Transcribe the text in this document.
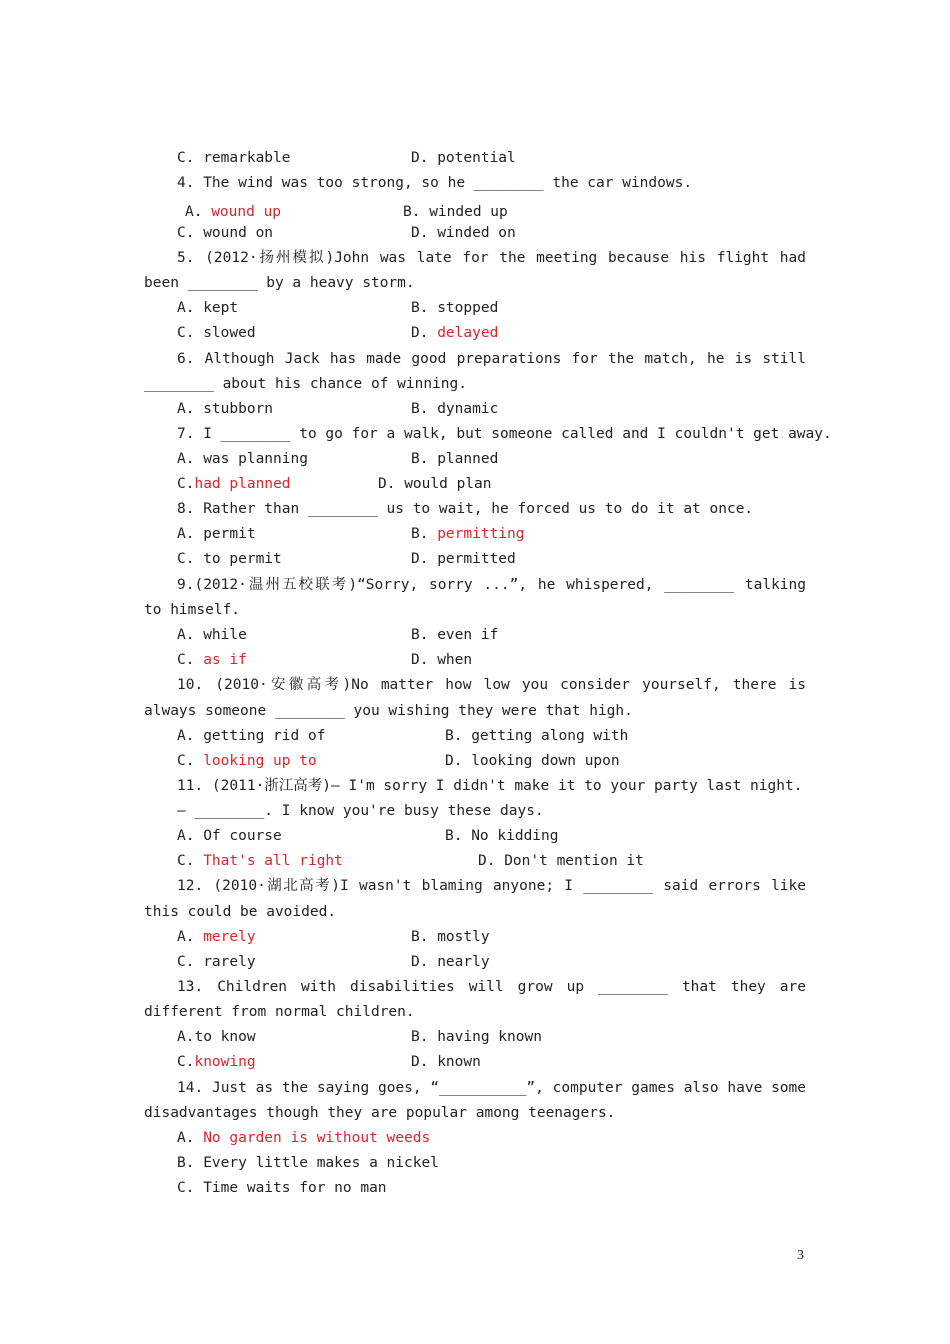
C. remarkable	D. potential
4. The wind was too strong, so he ________ the car windows.
A. wound up	B. winded up
C. wound on	D. winded on
5. (2012·扬州模拟)John was late for the meeting because his flight had
been ________ by a heavy storm.
A. kept	B. stopped
C. slowed	D. delayed
6. Although Jack has made good preparations for the match, he is still
________ about his chance of winning.
A. stubborn	B. dynamic
7. I ________ to go for a walk, but someone called and I couldn't get away.
A. was planning	B. planned
C.had planned	D. would plan
8. Rather than ________ us to wait, he forced us to do it at once.
A. permit	B. permitting
C. to permit	D. permitted
9.(2012·温州五校联考)“Sorry, sorry ...”, he whispered, ________ talking
to himself.
A. while	B. even if
C. as if	D. when
10. (2010·安徽高考)No matter how low you consider yourself, there is
always someone ________ you wishing they were that high.
A. getting rid of	B. getting along with
C. looking up to	D. looking down upon
11. (2011·浙江高考)— I'm sorry I didn't make it to your party last night.
— ________. I know you're busy these days.
A. Of course	B. No kidding
C. That's all right	D. Don't mention it
12. (2010·湖北高考)I wasn't blaming anyone; I ________ said errors like
this could be avoided.
A. merely	B. mostly
C. rarely	D. nearly
13. Children with disabilities will grow up ________ that they are
different from normal children.
A.to know	B. having known
C.knowing	D. known
14. Just as the saying goes, “__________”, computer games also have some
disadvantages though they are popular among teenagers.
A. No garden is without weeds
B. Every little makes a nickel
C. Time waits for no man
3
